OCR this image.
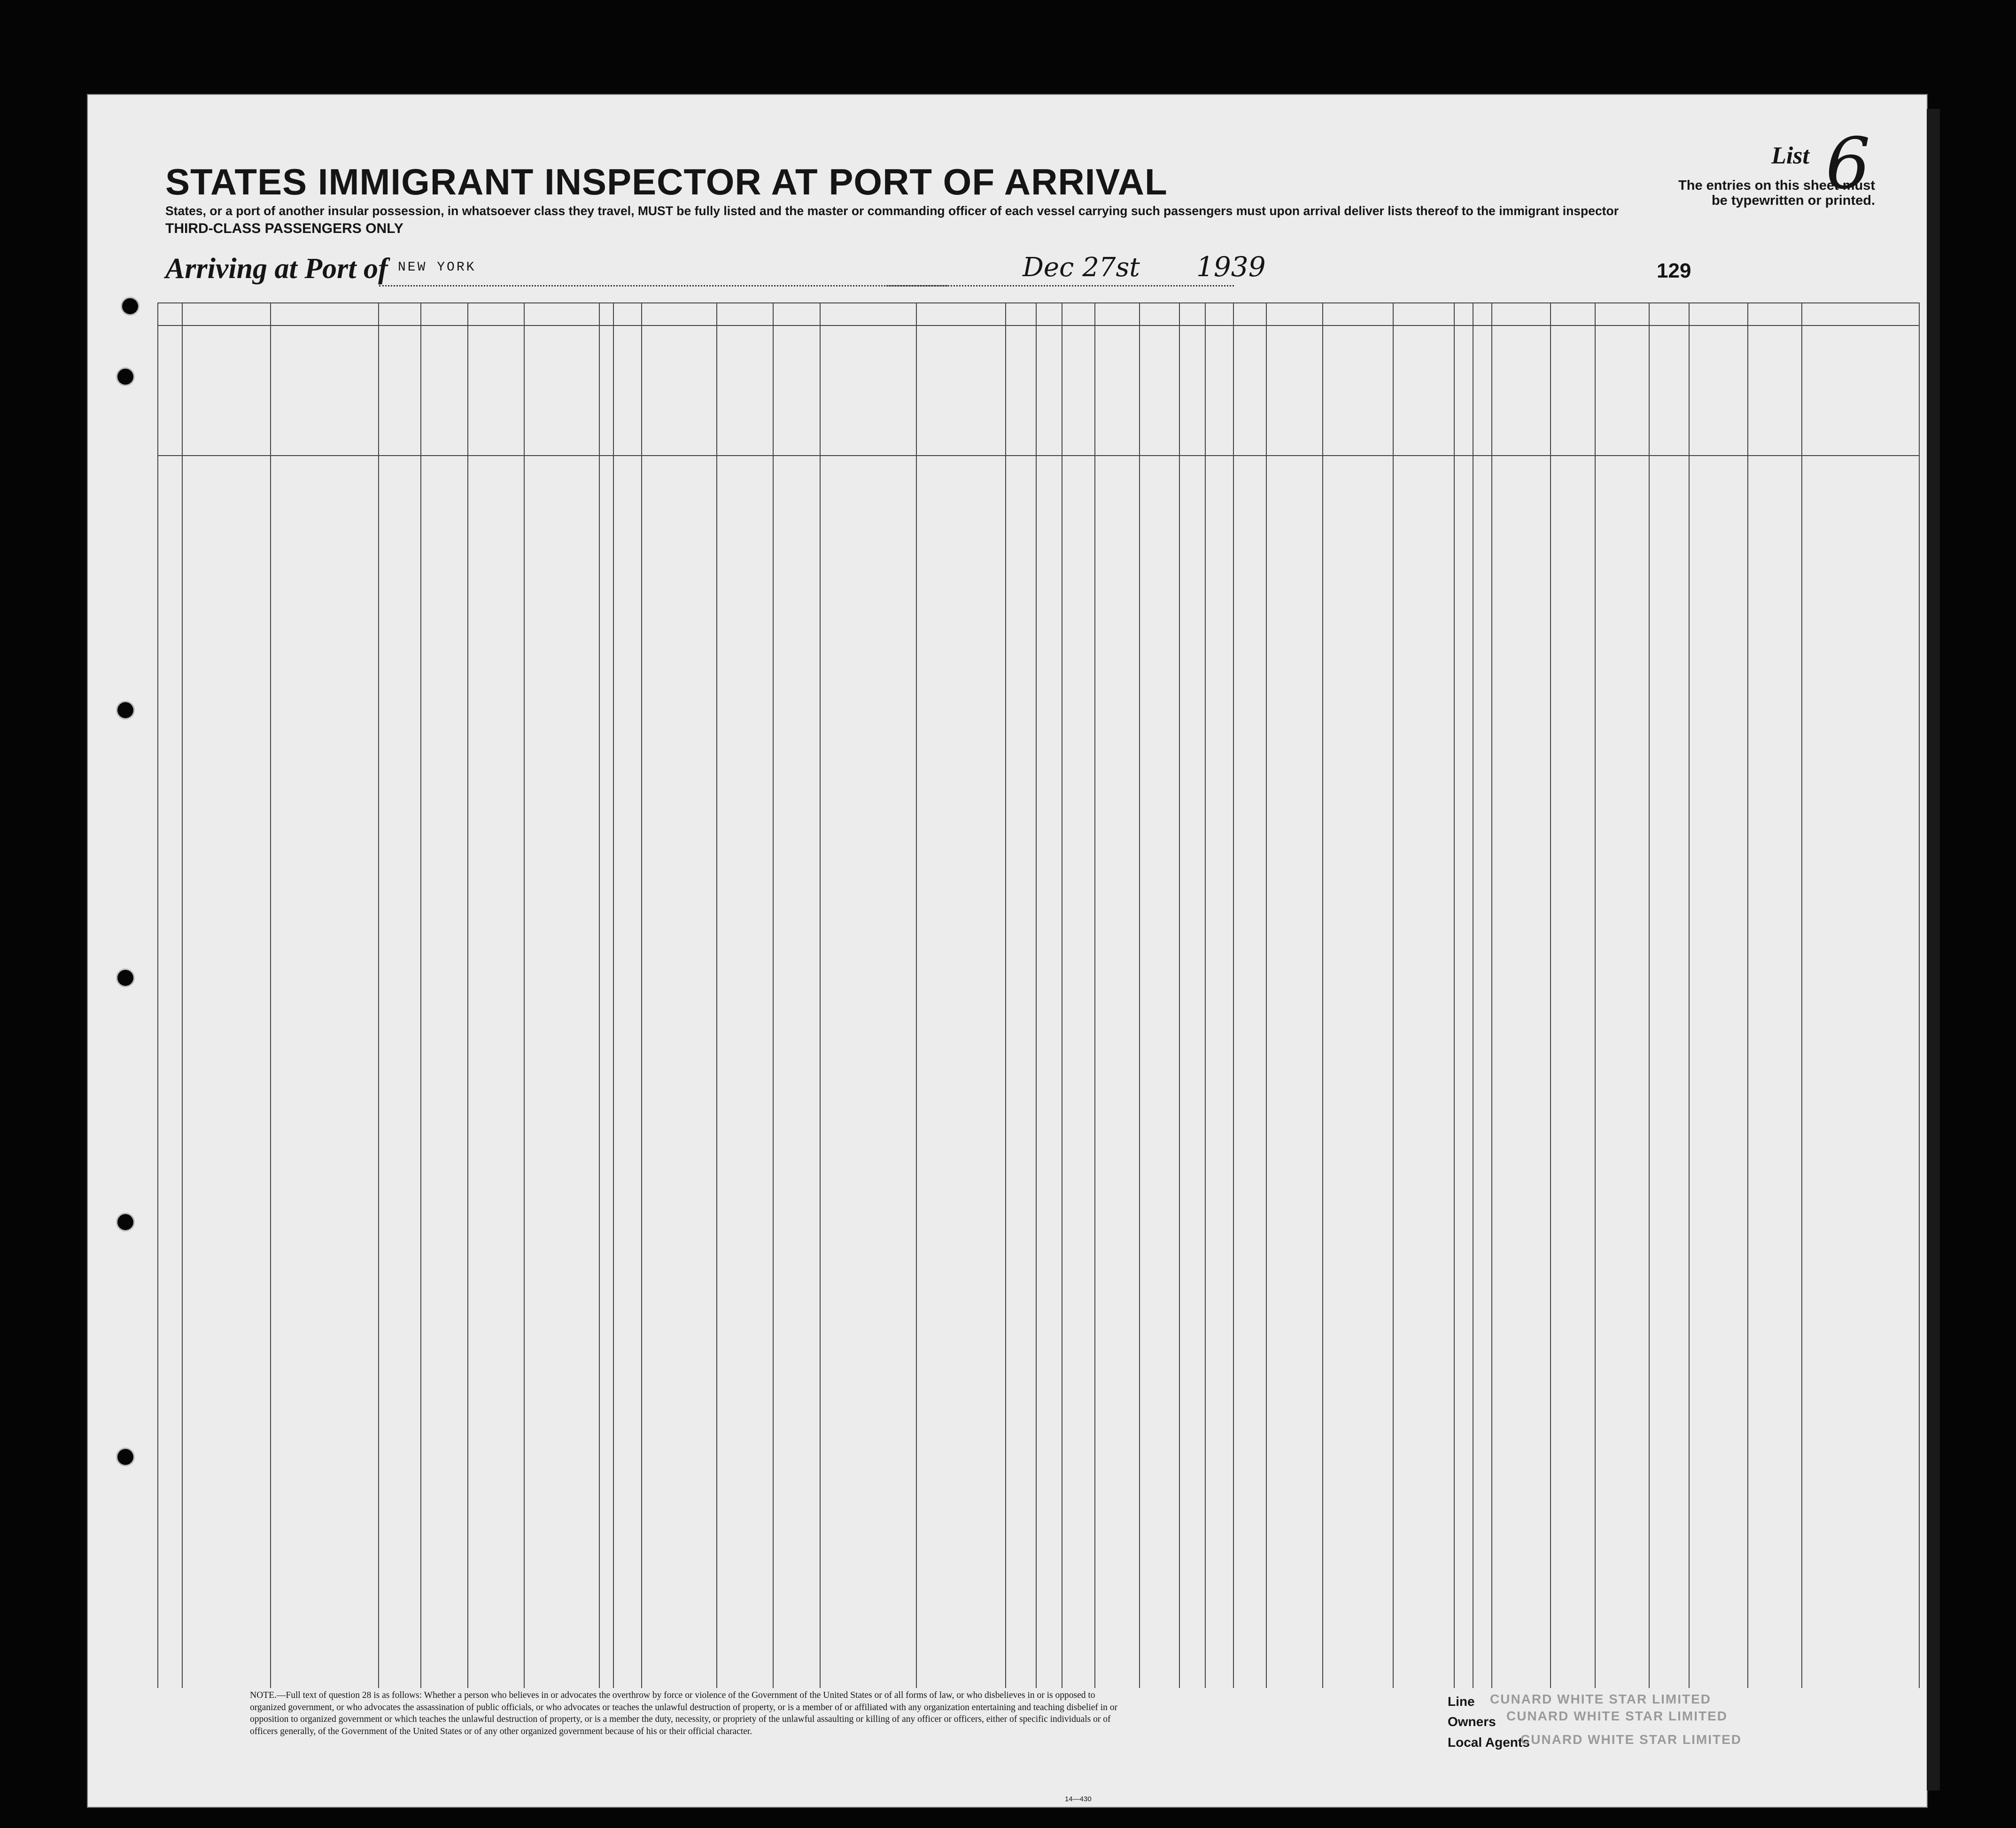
STATES IMMIGRANT INSPECTOR AT PORT OF ARRIVAL
States, or a port of another insular possession, in whatsoever class they travel, MUST be fully listed and the master or commanding officer of each vessel carrying such passengers must upon arrival deliver lists thereof to the immigrant inspector
THIRD-CLASS PASSENGERS ONLY
List 6
The entries on this sheet must
be typewritten or printed.
Arriving at Port of NEW YORK	Dec 27st 1939	129
NOTE.—Full text of question 28 is as follows: Whether a person who believes in or advocates the overthrow by force or violence of the Government of the United States or of all forms of law, or who disbelieves in or is opposed to organized government, or who advocates the assassination of public officials, or who advocates or teaches the unlawful destruction of property, or is a member of or affiliated with any organization entertaining and teaching disbelief in or opposition to organized government or which teaches the unlawful destruction of property, or is a member the duty, necessity, or propriety of the unlawful assaulting or killing of any officer or officers, either of specific individuals or of officers generally, of the Government of the United States or of any other organized government because of his or their official character.
Line CUNARD WHITE STAR LIMITED
Owners CUNARD WHITE STAR LIMITED
Local Agents
CUNARD WHITE STAR LIMITED
14—430
